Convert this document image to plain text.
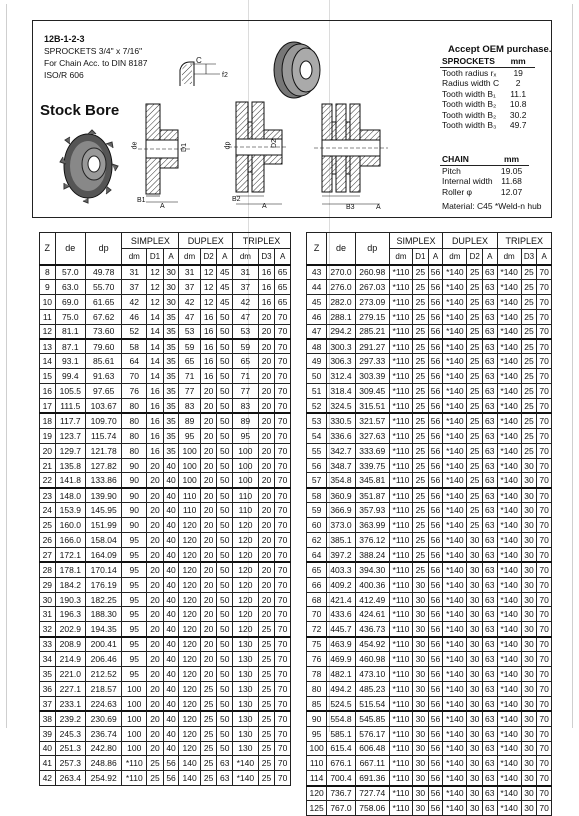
12B-1-2-3
SPROCKETS 3/4" x 7/16"
For Chain Acc. to DIN 8187
ISO/R 606
Stock Bore
C
f2
de
B1
A
D1	dp
B2
A
D2
B3	A
Accept OEM purchase.
SPROCKETS	mm
Tooth radius rₓ	19
Radius width C	2
Tooth width B₁	11.1
Tooth width B₂	10.8
Tooth width B₂	30.2
Tooth width B₃	49.7
CHAIN	mm
Pitch	19.05
Internal width	11.68
Roller φ	12.07
Material: C45 *Weld-n hub
Z	de	dp	SIMPLEX			DUPLEX			TRIPLEX		
			dm	D1	A	dm	D2	A	dm	D3	A
8	57.0	49.78	31	12	30	31	12	45	31	16	65
9	63.0	55.70	37	12	30	37	12	45	37	16	65
10	69.0	61.65	42	12	30	42	12	45	42	16	65
11	75.0	67.62	46	14	35	47	16	50	47	20	70
12	81.1	73.60	52	14	35	53	16	50	53	20	70
13	87.1	79.60	58	14	35	59	16	50	59	20	70
14	93.1	85.61	64	14	35	65	16	50	65	20	70
15	99.4	91.63	70	14	35	71	16	50	71	20	70
16	105.5	97.65	76	16	35	77	20	50	77	20	70
17	111.5	103.67	80	16	35	83	20	50	83	20	70
18	117.7	109.70	80	16	35	89	20	50	89	20	70
19	123.7	115.74	80	16	35	95	20	50	95	20	70
20	129.7	121.78	80	16	35	100	20	50	100	20	70
21	135.8	127.82	90	20	40	100	20	50	100	20	70
22	141.8	133.86	90	20	40	100	20	50	100	20	70
23	148.0	139.90	90	20	40	110	20	50	110	20	70
24	153.9	145.95	90	20	40	110	20	50	110	20	70
25	160.0	151.99	90	20	40	120	20	50	120	20	70
26	166.0	158.04	95	20	40	120	20	50	120	20	70
27	172.1	164.09	95	20	40	120	20	50	120	20	70
28	178.1	170.14	95	20	40	120	20	50	120	20	70
29	184.2	176.19	95	20	40	120	20	50	120	20	70
30	190.3	182.25	95	20	40	120	20	50	120	20	70
31	196.3	188.30	95	20	40	120	20	50	120	20	70
32	202.9	194.35	95	20	40	120	20	50	120	25	70
33	208.9	200.41	95	20	40	120	20	50	130	25	70
34	214.9	206.46	95	20	40	120	20	50	130	25	70
35	221.0	212.52	95	20	40	120	20	50	130	25	70
36	227.1	218.57	100	20	40	120	25	50	130	25	70
37	233.1	224.63	100	20	40	120	25	50	130	25	70
38	239.2	230.69	100	20	40	120	25	50	130	25	70
39	245.3	236.74	100	20	40	120	25	50	130	25	70
40	251.3	242.80	100	20	40	120	25	50	130	25	70
41	257.3	248.86	*110	25	56	140	25	63	*140	25	70
42	263.4	254.92	*110	25	56	140	25	63	*140	25	70
Z	de	dp	SIMPLEX			DUPLEX			TRIPLEX		
			dm	D1	A	dm	D2	A	dm	D3	A
43	270.0	260.98	*110	25	56	*140	25	63	*140	25	70
44	276.0	267.03	*110	25	56	*140	25	63	*140	25	70
45	282.0	273.09	*110	25	56	*140	25	63	*140	25	70
46	288.1	279.15	*110	25	56	*140	25	63	*140	25	70
47	294.2	285.21	*110	25	56	*140	25	63	*140	25	70
48	300.3	291.27	*110	25	56	*140	25	63	*140	25	70
49	306.3	297.33	*110	25	56	*140	25	63	*140	25	70
50	312.4	303.39	*110	25	56	*140	25	63	*140	25	70
51	318.4	309.45	*110	25	56	*140	25	63	*140	25	70
52	324.5	315.51	*110	25	56	*140	25	63	*140	25	70
53	330.5	321.57	*110	25	56	*140	25	63	*140	25	70
54	336.6	327.63	*110	25	56	*140	25	63	*140	25	70
55	342.7	333.69	*110	25	56	*140	25	63	*140	25	70
56	348.7	339.75	*110	25	56	*140	25	63	*140	30	70
57	354.8	345.81	*110	25	56	*140	25	63	*140	30	70
58	360.9	351.87	*110	25	56	*140	25	63	*140	30	70
59	366.9	357.93	*110	25	56	*140	25	63	*140	30	70
60	373.0	363.99	*110	25	56	*140	25	63	*140	30	70
62	385.1	376.12	*110	25	56	*140	30	63	*140	30	70
64	397.2	388.24	*110	25	56	*140	30	63	*140	30	70
65	403.3	394.30	*110	25	56	*140	30	63	*140	30	70
66	409.2	400.36	*110	30	56	*140	30	63	*140	30	70
68	421.4	412.49	*110	30	56	*140	30	63	*140	30	70
70	433.6	424.61	*110	30	56	*140	30	63	*140	30	70
72	445.7	436.73	*110	30	56	*140	30	63	*140	30	70
75	463.9	454.92	*110	30	56	*140	30	63	*140	30	70
76	469.9	460.98	*110	30	56	*140	30	63	*140	30	70
78	482.1	473.10	*110	30	56	*140	30	63	*140	30	70
80	494.2	485.23	*110	30	56	*140	30	63	*140	30	70
85	524.5	515.54	*110	30	56	*140	30	63	*140	30	70
90	554.8	545.85	*110	30	56	*140	30	63	*140	30	70
95	585.1	576.17	*110	30	56	*140	30	63	*140	30	70
100	615.4	606.48	*110	30	56	*140	30	63	*140	30	70
110	676.1	667.11	*110	30	56	*140	30	63	*140	30	70
114	700.4	691.36	*110	30	56	*140	30	63	*140	30	70
120	736.7	727.74	*110	30	56	*140	30	63	*140	30	70
125	767.0	758.06	*110	30	56	*140	30	63	*140	30	70
